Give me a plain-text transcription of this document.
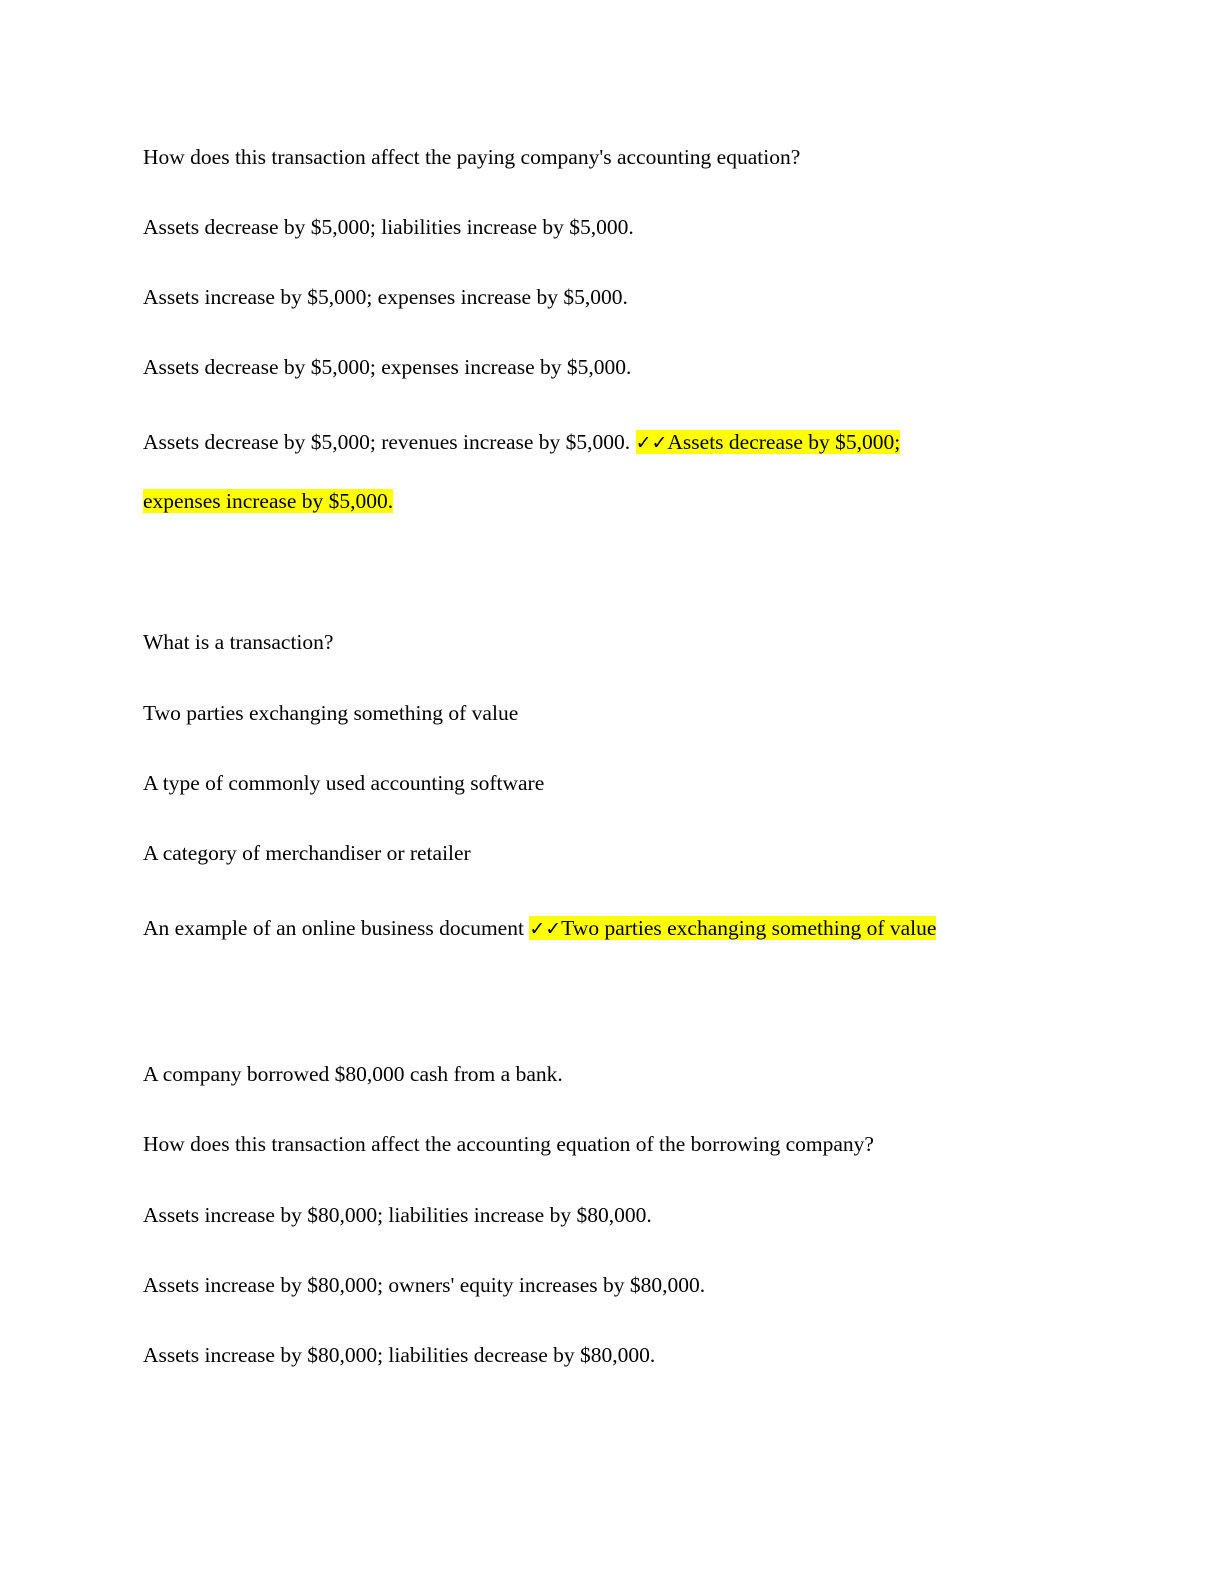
How does this transaction affect the paying company's accounting equation?
Assets decrease by $5,000; liabilities increase by $5,000.
Assets increase by $5,000; expenses increase by $5,000.
Assets decrease by $5,000; expenses increase by $5,000.
Assets decrease by $5,000; revenues increase by $5,000. ✓✓Assets decrease by $5,000;
expenses increase by $5,000.
What is a transaction?
Two parties exchanging something of value
A type of commonly used accounting software
A category of merchandiser or retailer
An example of an online business document ✓✓Two parties exchanging something of value
A company borrowed $80,000 cash from a bank.
How does this transaction affect the accounting equation of the borrowing company?
Assets increase by $80,000; liabilities increase by $80,000.
Assets increase by $80,000; owners' equity increases by $80,000.
Assets increase by $80,000; liabilities decrease by $80,000.
